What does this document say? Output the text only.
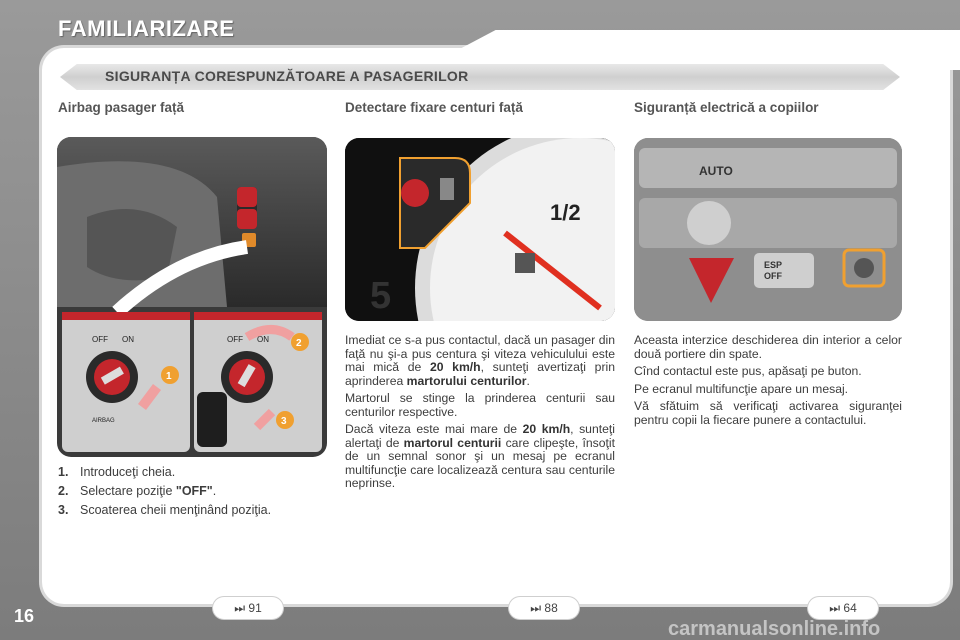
FAMILIARIZARE
SIGURANȚA CORESPUNZĂTOARE A PASAGERILOR
Airbag pasager față	Detectare fixare centuri față	Siguranță electrică a copiilor
OFF ON
AIRBAG
1
OFF ON	2
3
1/2
5
AUTO
ESP
OFF
1. Introduceţi cheia.
2. Selectare poziţie "OFF".
3. Scoaterea cheii menţinând poziţia.

Imediat ce s-a pus contactul, dacă un pasager din faţă nu şi-a pus centura şi viteza vehiculului este mai mică de 20 km/h, sunteţi avertizaţi prin aprinderea martorului centurilor.

Martorul se stinge la prinderea centurii sau centurilor respective.

Dacă viteza este mai mare de 20 km/h, sunteţi alertaţi de martorul centurii care clipeşte, însoţit de un semnal sonor şi un mesaj pe ecranul multifuncţie care localizează centura sau centurile neprinse.

Aceasta interzice deschiderea din interior a celor două portiere din spate.

Cînd contactul este pus, apăsaţi pe buton.

Pe ecranul multifuncţie apare un mesaj.

Vă sfătuim să verificaţi activarea siguranţei pentru copii la fiecare punere a contactului.

⏭ 91	⏭ 88	⏭ 64
16
carmanualsonline.info
